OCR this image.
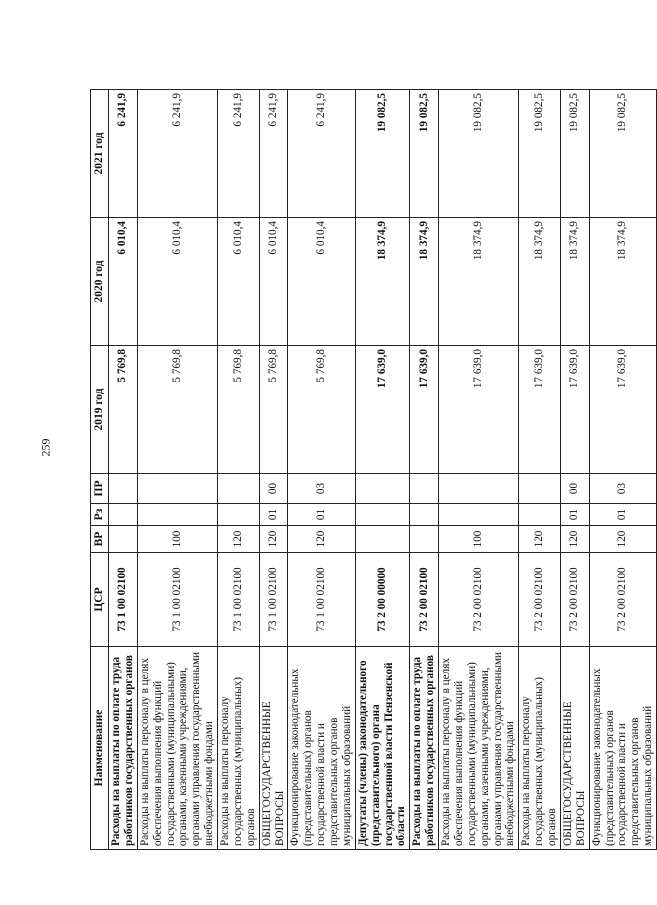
259
Наименование	ЦСР	ВР	Рз	ПР	2019 год	2020 год	2021 год
Расходы на выплаты по оплате труда работников государственных органов	73 1 00 02100				5 769,8	6 010,4	6 241,9
Расходы на выплаты персоналу в целях обеспечения выполнения функций государственными (муниципальными) органами, казенными учреждениями, органами управления государственными внебюджетными фондами	73 1 00 02100	100			5 769,8	6 010,4	6 241,9
Расходы на выплаты персоналу государственных (муниципальных) органов	73 1 00 02100	120			5 769,8	6 010,4	6 241,9
ОБЩЕГОСУДАРСТВЕННЫЕ ВОПРОСЫ	73 1 00 02100	120	01	00	5 769,8	6 010,4	6 241,9
Функционирование законодательных (представительных) органов государственной власти и представительных органов муниципальных образований	73 1 00 02100	120	01	03	5 769,8	6 010,4	6 241,9
Депутаты (члены) законодательного (представительного) органа государственной власти Пензенской области	73 2 00 00000				17 639,0	18 374,9	19 082,5
Расходы на выплаты по оплате труда работников государственных органов	73 2 00 02100				17 639,0	18 374,9	19 082,5
Расходы на выплаты персоналу в целях обеспечения выполнения функций государственными (муниципальными) органами, казенными учреждениями, органами управления государственными внебюджетными фондами	73 2 00 02100	100			17 639,0	18 374,9	19 082,5
Расходы на выплаты персоналу государственных (муниципальных) органов	73 2 00 02100	120			17 639,0	18 374,9	19 082,5
ОБЩЕГОСУДАРСТВЕННЫЕ ВОПРОСЫ	73 2 00 02100	120	01	00	17 639,0	18 374,9	19 082,5
Функционирование законодательных (представительных) органов государственной власти и представительных органов муниципальных образований	73 2 00 02100	120	01	03	17 639,0	18 374,9	19 082,5
